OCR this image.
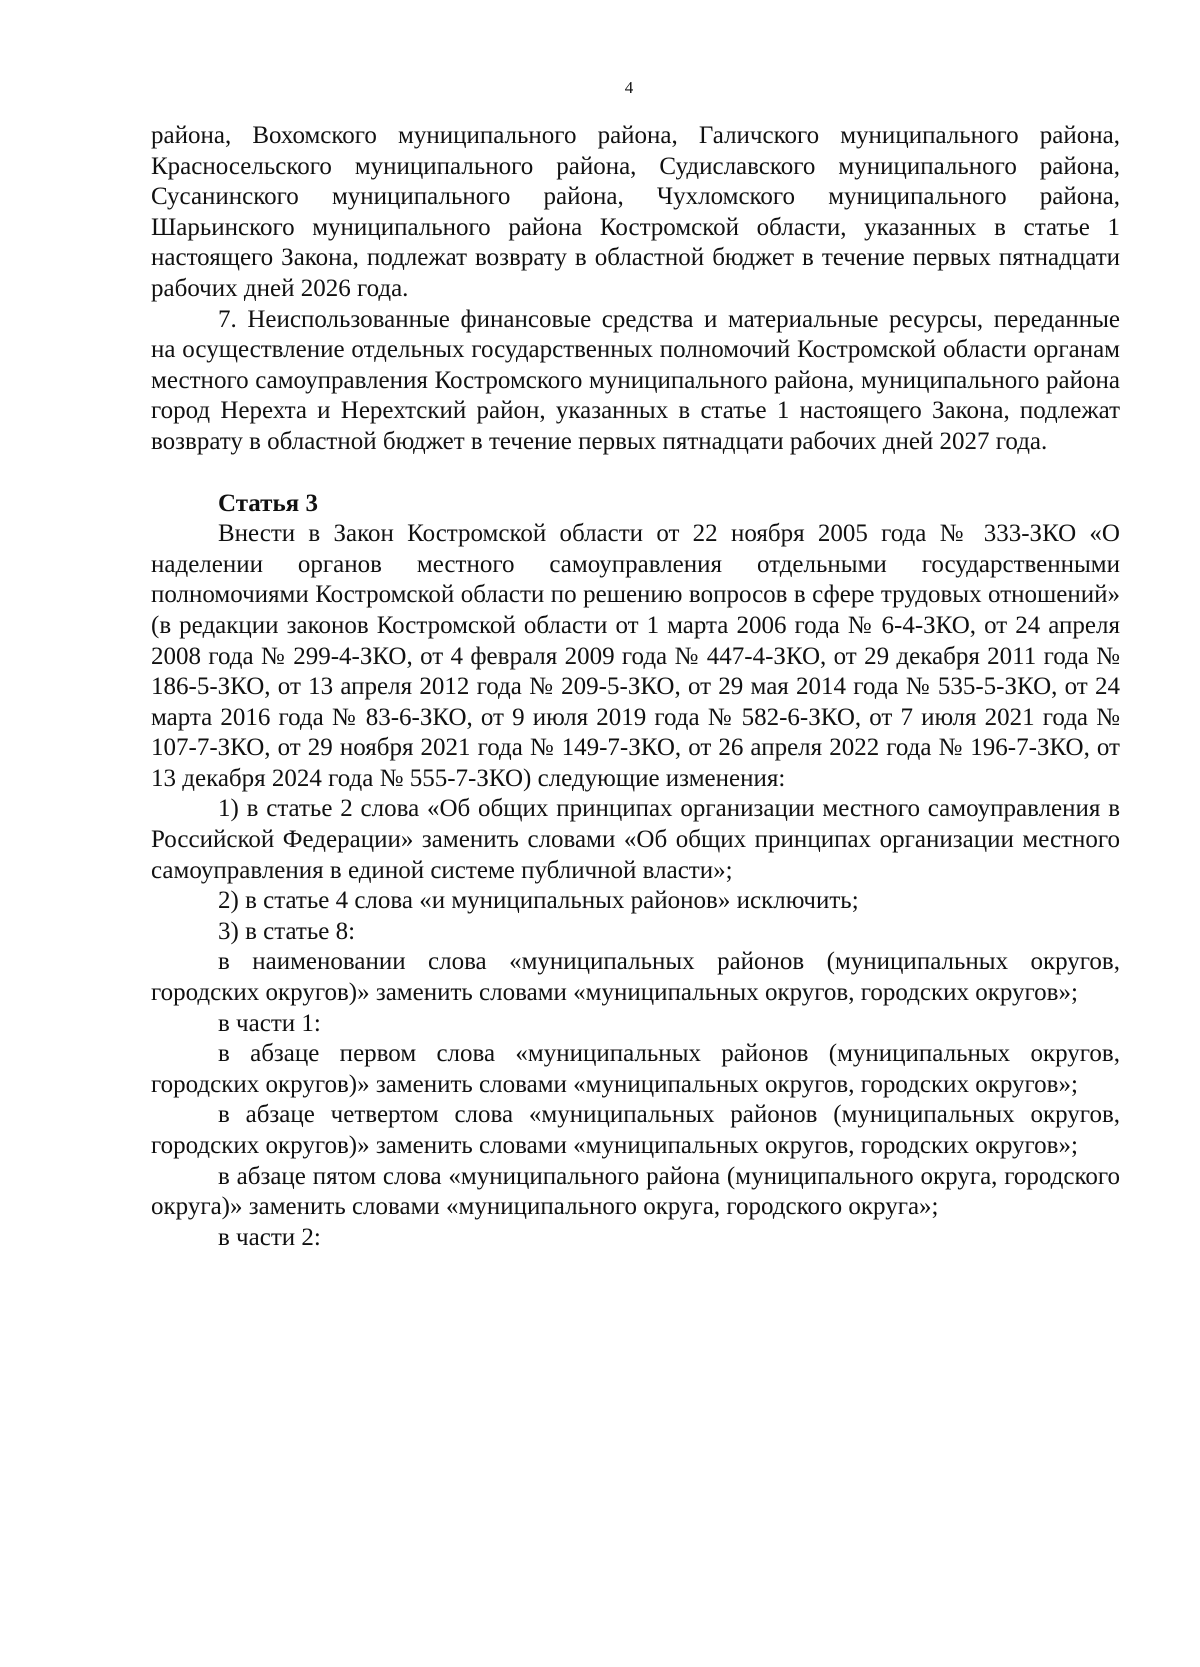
4

района, Вохомского муниципального района, Галичского муниципального района, Красносельского муниципального района, Судиславского муниципального района, Сусанинского муниципального района, Чухломского муниципального района, Шарьинского муниципального района Костромской области, указанных в статье 1 настоящего Закона, подлежат возврату в областной бюджет в течение первых пятнадцати рабочих дней 2026 года.

7. Неиспользованные финансовые средства и материальные ресурсы, переданные на осуществление отдельных государственных полномочий Костромской области органам местного самоуправления Костромского муниципального района, муниципального района город Нерехта и Нерехтский район, указанных в статье 1 настоящего Закона, подлежат возврату в областной бюджет в течение первых пятнадцати рабочих дней 2027 года.

Статья 3

Внести в Закон Костромской области от 22 ноября 2005 года № 333-ЗКО «О наделении органов местного самоуправления отдельными государственными полномочиями Костромской области по решению вопросов в сфере трудовых отношений» (в редакции законов Костромской области от 1 марта 2006 года № 6-4-ЗКО, от 24 апреля 2008 года № 299-4-ЗКО, от 4 февраля 2009 года № 447-4-ЗКО, от 29 декабря 2011 года № 186-5-ЗКО, от 13 апреля 2012 года № 209-5-ЗКО, от 29 мая 2014 года № 535-5-ЗКО, от 24 марта 2016 года № 83-6-ЗКО, от 9 июля 2019 года № 582-6-ЗКО, от 7 июля 2021 года № 107-7-ЗКО, от 29 ноября 2021 года № 149-7-ЗКО, от 26 апреля 2022 года № 196-7-ЗКО, от 13 декабря 2024 года № 555-7-ЗКО) следующие изменения:

1) в статье 2 слова «Об общих принципах организации местного самоуправления в Российской Федерации» заменить словами «Об общих принципах организации местного самоуправления в единой системе публичной власти»;

2) в статье 4 слова «и муниципальных районов» исключить;

3) в статье 8:

в наименовании слова «муниципальных районов (муниципальных округов, городских округов)» заменить словами «муниципальных округов, городских округов»;

в части 1:

в абзаце первом слова «муниципальных районов (муниципальных округов, городских округов)» заменить словами «муниципальных округов, городских округов»;

в абзаце четвертом слова «муниципальных районов (муниципальных округов, городских округов)» заменить словами «муниципальных округов, городских округов»;

в абзаце пятом слова «муниципального района (муниципального округа, городского округа)» заменить словами «муниципального округа, городского округа»;

в части 2:
